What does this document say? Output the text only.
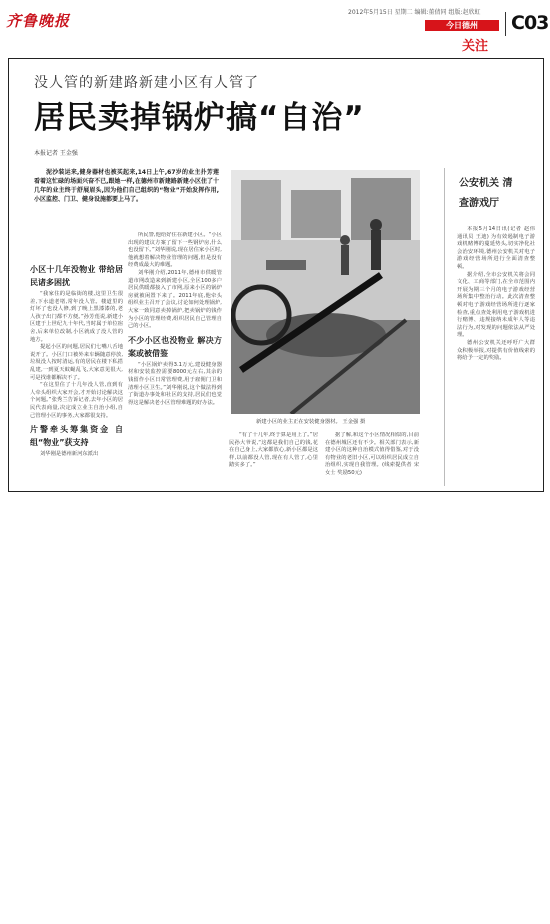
齐鲁晚报	2012年5月15日 星期二 编辑:董倩同 组版:赵欣虹
今日德州
关注
C03
没人管的新建路新建小区有人管了
居民卖掉锅炉搞“自治”
本报记者 王金强
泥沙装运来,健身器材也被买起来,14日上午,67岁的业主扑芳莲看着这忙碌的场面兴奋不已,跟她一样,在德州市新建路新建小区住了十几年的业主终于舒展眉头,因为他们自己组织的“物业”开始发挥作用,小区监控、门卫、健身设施都要上马了。
小区十几年没物业 带给居民诸多困扰

“我家住的是临街的楼,这里卫生很差,下水道老堵,常年没人管。楼道里的灯坏了也没人修,到了晚上黑漆漆的,老人孩子出门都不方便。”孙芳莲说,新建小区建于上世纪九十年代,当时属于单位宿舍,后来单位改制,小区就成了没人管的地方。

提起小区的问题,居民们七嘴八舌地说开了。小区门口被外来车辆随意停放,垃圾没人按时清运,有的居民在楼下私搭乱建,一到夏天蚊蝇乱飞,大家意见很大,可是找谁都解决不了。

“在这里住了十几年没人管,直到有人牵头组织大家开会,才开始讨论解决这个问题。”张秀兰告诉记者,去年小区的居民代表商量,决定成立业主自治小组,自己管理小区的事务,大家都很支持。

片警牵头筹集资金 自组“物业”获支持

刘华刚是德州新河东派出

所民警,他给好住在新建小区。“小区出现的建议方案了留下一些钢炉房,什么也没留下。”刘华刚说,现在居住家小区时,他就想着解决物业管理的问题,但是没有经费成最大的难题。

刘华刚介绍,2011年,德州市供暖管道市网改造来到新建小区,全区100多户居民供暖都接入了市网,原来小区的锅炉房就被闲置下来了。2011年底,他牵头组织业主召开了会议,讨论如何处理锅炉,大家一致同意卖掉锅炉,把卖锅炉的钱作为小区的管理经费,组织居民自己管理自己的小区。

不少小区也没物业 解决方案或被借鉴

“小区锅炉卖得3.1万元,建设健身器材和安装监控需要8000元左右,其余的钱留作小区日常管理费,用于雇佣门卫和清理小区卫生。”刘华刚说,这个做法得到了街道办事处和社区的支持,居民们也觉得这是解决老小区管理难题的好办法。

新建小区的业主正在安装健身器材。 王金强 摄

“有了十几年,终于算是用上了。”居民孙大爷说,“这都是我们自己的钱,花在自己身上,大家都放心,新小区都是这样,以前都没人管,现在有人管了,心里踏实多了。”

据了解,和这个小区情况相似的,目前在德州城区还有不少。相关部门表示,新建小区的这种自治模式值得借鉴,对于没有物业的老旧小区,可以组织居民成立自治组织,实现自我管理。(线索提供者 宋女士 奖励50元)

公安机关 清查游戏厅

本报5月14日讯(记者 赵伟 通讯员 王迪) 为有效遏制电子游戏机赌博的蔓延势头,切实净化社会治安环境,德州公安机关对电子游戏经营场所进行全面清查整顿。

据介绍,全市公安机关将会同文化、工商等部门,在全市范围内开展为期三个月的电子游戏经营场所集中整治行动。此次清查整顿对电子游戏经营场所进行逐家检查,重点查处利用电子游戏机进行赌博、违规接纳未成年人等违法行为,对发现的问题依法从严处理。

德州公安机关还呼吁广大群众积极举报,对提供有价值线索的将给予一定的奖励。
